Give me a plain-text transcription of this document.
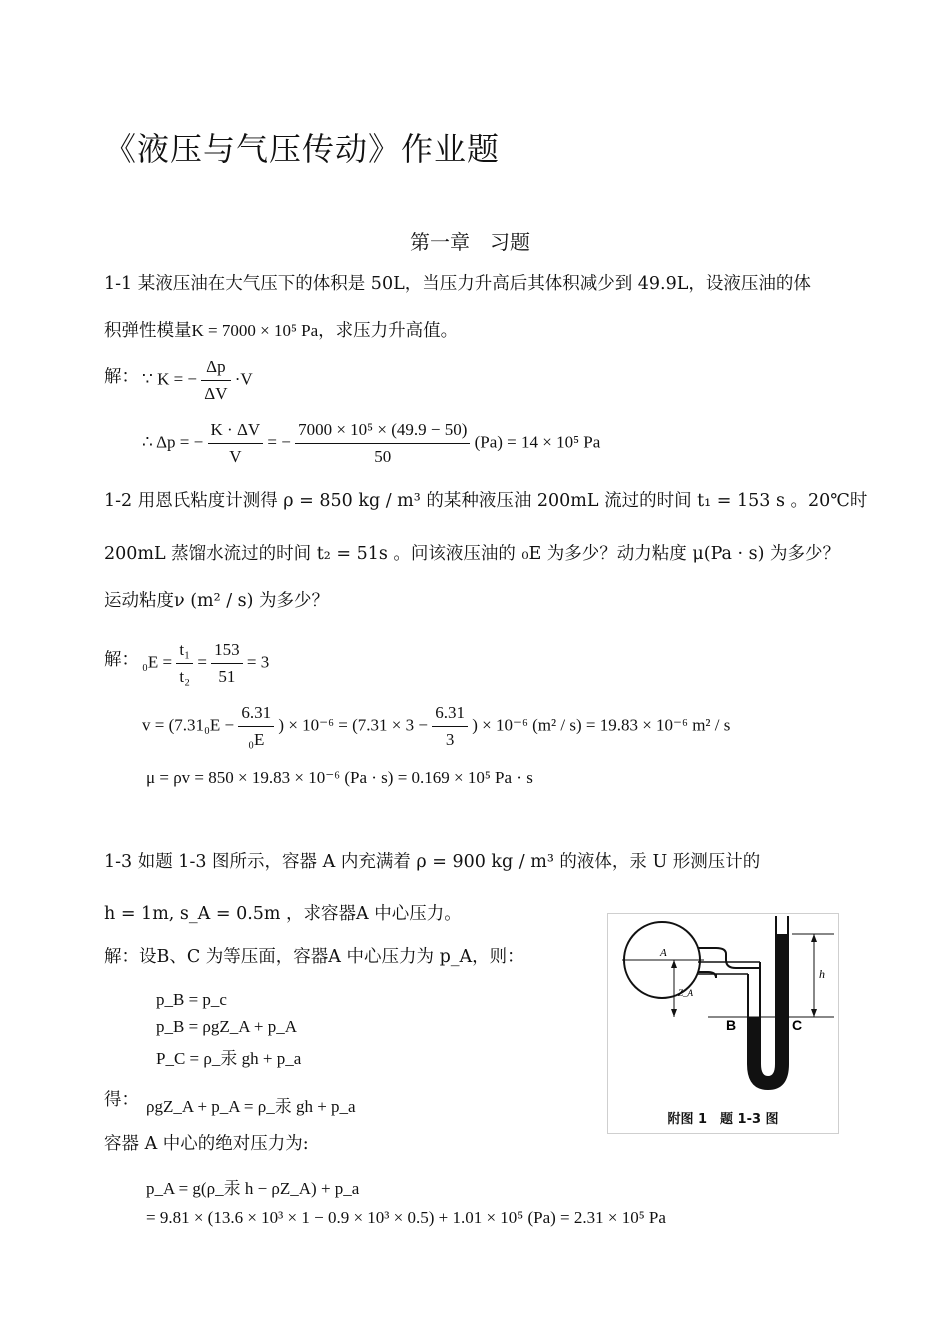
《液压与气压传动》作业题
第一章　习题
1-1 某液压油在大气压下的体积是 50L，当压力升高后其体积减少到 49.9L，设液压油的体
积弹性模量K = 7000 × 10⁵ Pa，求压力升高值。
解： ∵ K = − $\frac{\Delta p}{\Delta V} \cdot V$
∴ Δp = − $\frac{K \cdot \Delta V}{V}$ = − $\frac{\text{7000 × 10⁵ × (49.9 − 50)}}{50} (Pa) = 14 \times 10^5$ Pa
1-2 用恩氏粘度计测得 ρ = 850 kg / m³ 的某种液压油 200mL 流过的时间 t₁ = 153 s 。20℃时
200mL 蒸馏水流过的时间 t₂ = 51s 。问该液压油的 ₀E 为多少？动力粘度 μ(Pa · s) 为多少？
运动粘度ν (m² / s) 为多少？
解： $_0E = \frac{\text{t₁}}{\text{t₂}} = \frac{153}{51} = 3$
$v = (7.31_0E - \frac{6.31}{\text{₀E}}$ ) × $10^{-6} = (7.31 \times 3 - \frac{6.31}{3}$ ) × 10⁻⁶ (m² / s) = 19.83 × 10⁻⁶ m² / s
μ = ρv = 850 × 19.83 × 10⁻⁶ (Pa · s) = 0.169 × 10⁵ Pa · s
1-3 如题 1-3 图所示，容器 A 内充满着 ρ = 900 kg / m³ 的液体，汞 U 形测压计的
h = 1m, s_A = 0.5m ，求容器A 中心压力。
解：设B、C 为等压面，容器A 中心压力为 p_A，则：
p_B = p_c
p_B = ρgZ_A + p_A
P_C = ρ_汞 gh + p_a
得： ρgZ_A + p_A = ρ_汞 gh + p_a
容器 A 中心的绝对压力为:
p_A = g(ρ_汞 h − ρZ_A) + p_a
= 9.81 × (13.6 × 10³ × 1 − 0.9 × 10³ × 0.5) + 1.01 × 10⁵ (Pa) = 2.31 × 10⁵ Pa
A
Z_A
B	C
h
附图 1　题 1-3 图
